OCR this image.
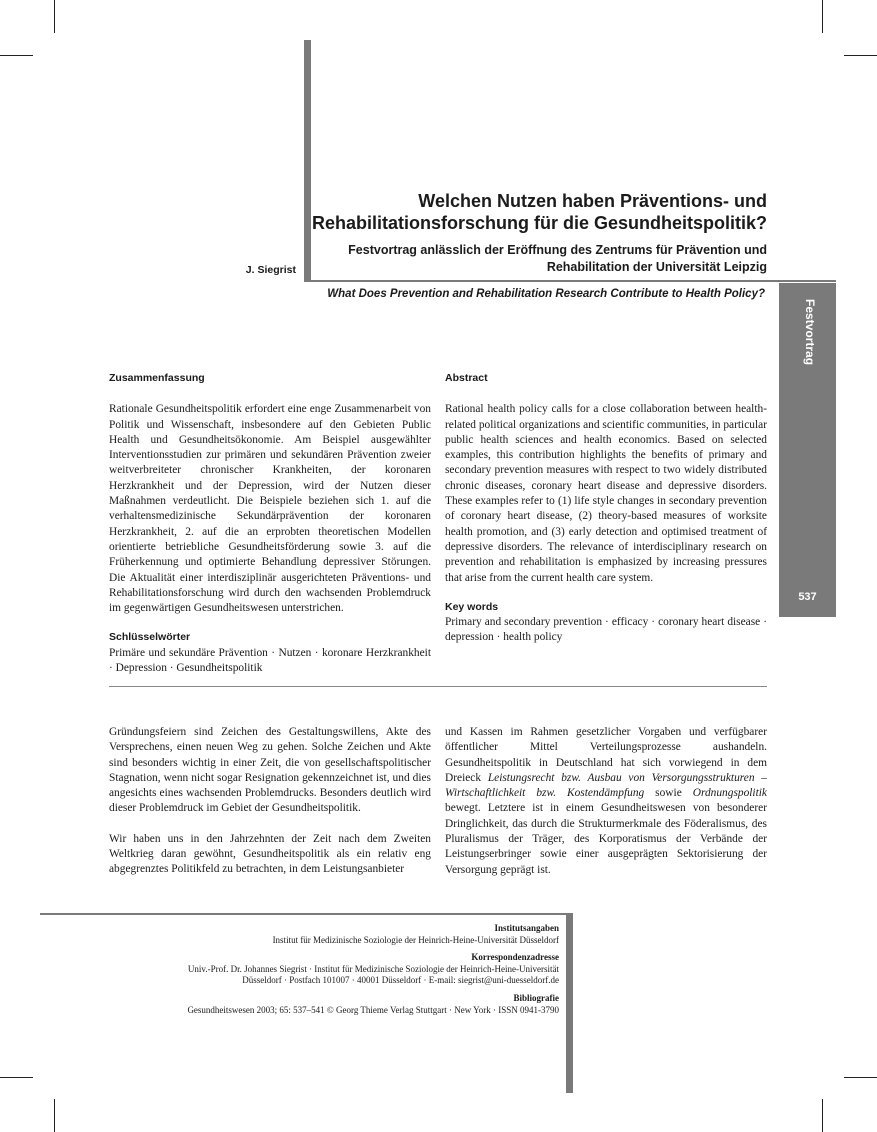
Welchen Nutzen haben Präventions- und
Rehabilitationsforschung für die Gesundheitspolitik?
Festvortrag anlässlich der Eröffnung des Zentrums für Prävention und
Rehabilitation der Universität Leipzig
J. Siegrist
What Does Prevention and Rehabilitation Research Contribute to Health Policy?
Festvortrag
537

Zusammenfassung

Rationale Gesundheitspolitik erfordert eine enge Zusammenarbeit von Politik und Wissenschaft, insbesondere auf den Gebieten Public Health und Gesundheitsökonomie. Am Beispiel ausgewählter Interventionsstudien zur primären und sekundären Prävention zweier weitverbreiteter chronischer Krankheiten, der koronaren Herzkrankheit und der Depression, wird der Nutzen dieser Maßnahmen verdeutlicht. Die Beispiele beziehen sich 1. auf die verhaltensmedizinische Sekundärprävention der koronaren Herzkrankheit, 2. auf die an erprobten theoretischen Modellen orientierte betriebliche Gesundheitsförderung sowie 3. auf die Früherkennung und optimierte Behandlung depressiver Störungen. Die Aktualität einer interdisziplinär ausgerichteten Präventions- und Rehabilitationsforschung wird durch den wachsenden Problemdruck im gegenwärtigen Gesundheitswesen unterstrichen.

Schlüsselwörter

Primäre und sekundäre Prävention · Nutzen · koronare Herzkrankheit · Depression · Gesundheitspolitik

Abstract

Rational health policy calls for a close collaboration between health-related political organizations and scientific communities, in particular public health sciences and health economics. Based on selected examples, this contribution highlights the benefits of primary and secondary prevention measures with respect to two widely distributed chronic diseases, coronary heart disease and depressive disorders. These examples refer to (1) life style changes in secondary prevention of coronary heart disease, (2) theory-based measures of worksite health promotion, and (3) early detection and optimised treatment of depressive disorders. The relevance of interdisciplinary research on prevention and rehabilitation is emphasized by increasing pressures that arise from the current health care system.

Key words

Primary and secondary prevention · efficacy · coronary heart disease · depression · health policy

Gründungsfeiern sind Zeichen des Gestaltungswillens, Akte des Versprechens, einen neuen Weg zu gehen. Solche Zeichen und Akte sind besonders wichtig in einer Zeit, die von gesellschaftspolitischer Stagnation, wenn nicht sogar Resignation gekennzeichnet ist, und dies angesichts eines wachsenden Problemdrucks. Besonders deutlich wird dieser Problemdruck im Gebiet der Gesundheitspolitik.

Wir haben uns in den Jahrzehnten der Zeit nach dem Zweiten Weltkrieg daran gewöhnt, Gesundheitspolitik als ein relativ eng abgegrenztes Politikfeld zu betrachten, in dem Leistungsanbieter

und Kassen im Rahmen gesetzlicher Vorgaben und verfügbarer öffentlicher Mittel Verteilungsprozesse aushandeln. Gesundheitspolitik in Deutschland hat sich vorwiegend in dem Dreieck Leistungsrecht bzw. Ausbau von Versorgungsstrukturen – Wirtschaftlichkeit bzw. Kostendämpfung sowie Ordnungspolitik bewegt. Letztere ist in einem Gesundheitswesen von besonderer Dringlichkeit, das durch die Strukturmerkmale des Föderalismus, des Pluralismus der Träger, des Korporatismus der Verbände der Leistungserbringer sowie einer ausgeprägten Sektorisierung der Versorgung geprägt ist.

Institutsangaben
Institut für Medizinische Soziologie der Heinrich-Heine-Universität Düsseldorf
Korrespondenzadresse
Univ.-Prof. Dr. Johannes Siegrist · Institut für Medizinische Soziologie der Heinrich-Heine-Universität
Düsseldorf · Postfach 101007 · 40001 Düsseldorf · E-mail: siegrist@uni-duesseldorf.de
Bibliografie
Gesundheitswesen 2003; 65: 537–541 © Georg Thieme Verlag Stuttgart · New York · ISSN 0941-3790
